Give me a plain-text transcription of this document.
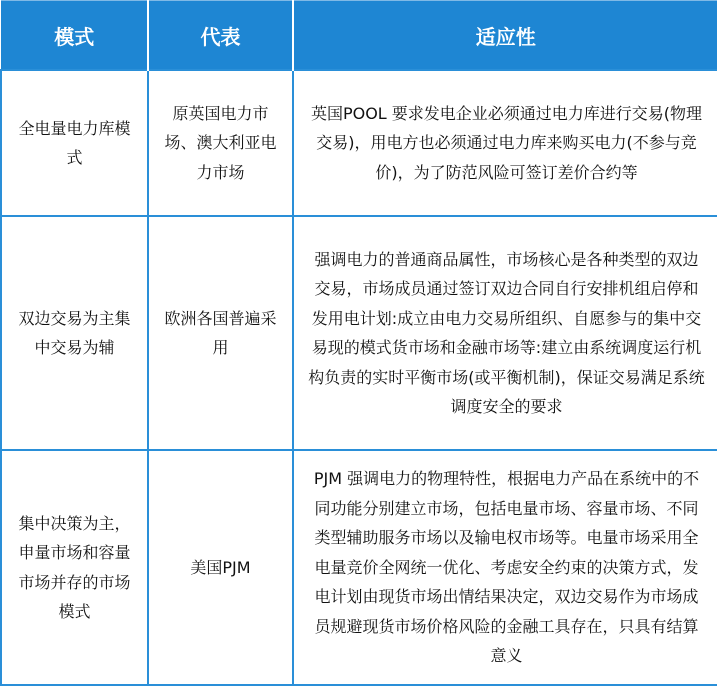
模式	代表	适应性
全电量电力库模式	原英国电力市场、澳大利亚电力市场	英国POOL 要求发电企业必须通过电力库进行交易(物理交易)，用电方也必须通过电力库来购买电力(不参与竞价)，为了防范风险可签订差价合约等
双边交易为主集中交易为辅	欧洲各国普遍采用	强调电力的普通商品属性，市场核心是各种类型的双边交易，市场成员通过签订双边合同自行安排机组启停和发用电计划:成立由电力交易所组织、自愿参与的集中交易现的模式货市场和金融市场等:建立由系统调度运行机构负责的实时平衡市场(或平衡机制)，保证交易满足系统调度安全的要求
集中决策为主，申量市场和容量市场并存的市场模式	美国PJM	PJM 强调电力的物理特性，根据电力产品在系统中的不同功能分别建立市场，包括电量市场、容量市场、不同类型辅助服务市场以及输电权市场等。电量市场采用全电量竞价全网统一优化、考虑安全约束的决策方式，发电计划由现货市场出情结果决定，双边交易作为市场成员规避现货市场价格风险的金融工具存在，只具有结算意义
